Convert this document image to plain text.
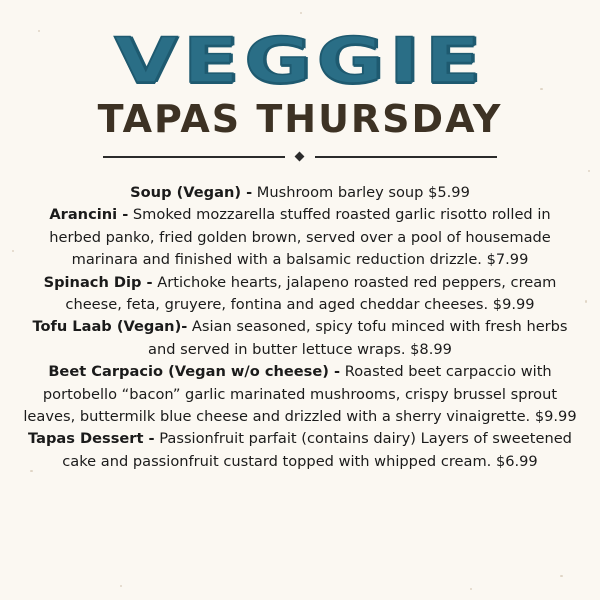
VEGGIE
TAPAS THURSDAY

Soup (Vegan) - Mushroom barley soup $5.99

Arancini - Smoked mozzarella stuffed roasted garlic risotto rolled in herbed panko, fried golden brown, served over a pool of housemade marinara and finished with a balsamic reduction drizzle. $7.99

Spinach Dip - Artichoke hearts, jalapeno roasted red peppers, cream cheese, feta, gruyere, fontina and aged cheddar cheeses. $9.99

Tofu Laab (Vegan)- Asian seasoned, spicy tofu minced with fresh herbs and served in butter lettuce wraps. $8.99

Beet Carpacio (Vegan w/o cheese) - Roasted beet carpaccio with portobello “bacon” garlic marinated mushrooms, crispy brussel sprout leaves, buttermilk blue cheese and drizzled with a sherry vinaigrette. $9.99

Tapas Dessert - Passionfruit parfait (contains dairy) Layers of sweetened cake and passionfruit custard topped with whipped cream. $6.99
